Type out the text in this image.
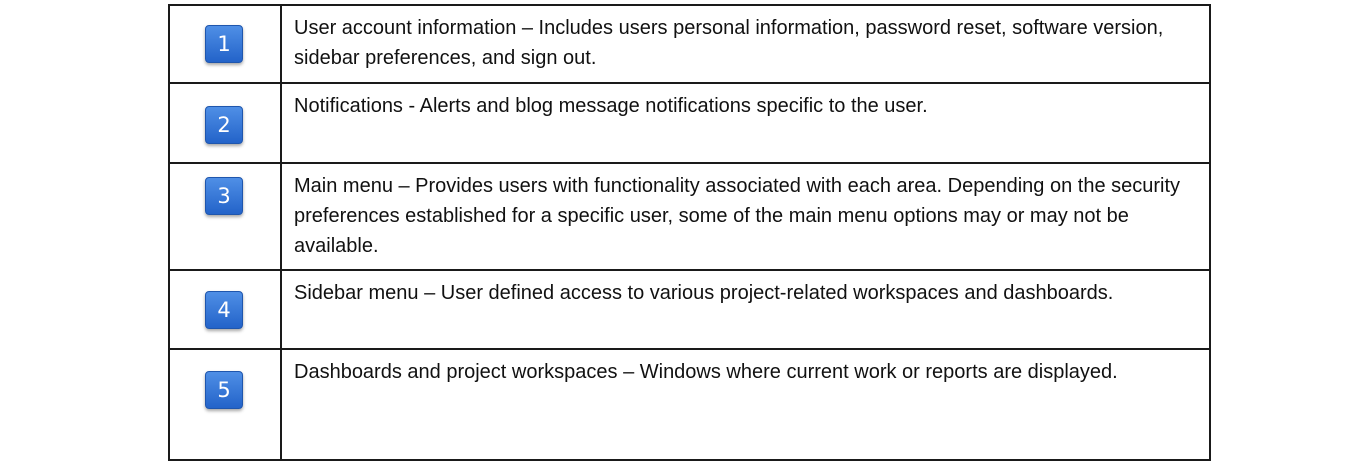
1	User account information – Includes users personal information, password reset, software version, sidebar preferences, and sign out.

2	Notifications - Alerts and blog message notifications specific to the user.

3	Main menu – Provides users with functionality associated with each area. Depending on the security preferences established for a specific user, some of the main menu options may or may not be available.

4	Sidebar menu – User defined access to various project-related workspaces and dashboards.

5	Dashboards and project workspaces – Windows where current work or reports are displayed.
